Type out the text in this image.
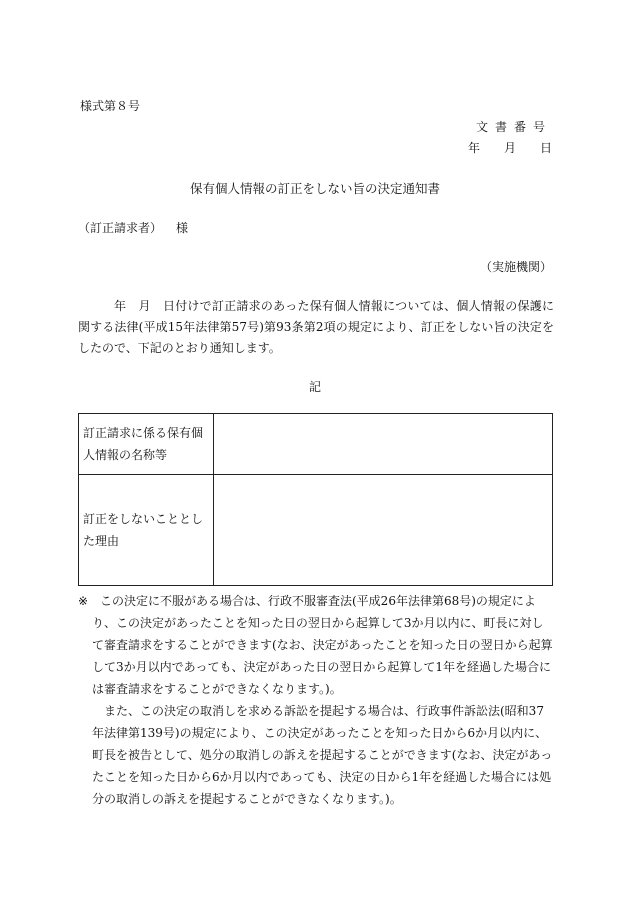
様式第８号
文書番号
年 月 日
保有個人情報の訂正をしない旨の決定通知書
（訂正請求者） 様
（実施機関）
年　月　日付けで訂正請求のあった保有個人情報については、個人情報の保護に関する法律(平成15年法律第57号)第93条第2項の規定により、訂正をしない旨の決定をしたので、下記のとおり通知します。
記
訂正請求に係る保有個人情報の名称等	
訂正をしないこととした理由	
※ この決定に不服がある場合は、行政不服審査法(平成26年法律第68号)の規定により、この決定があったことを知った日の翌日から起算して3か月以内に、町長に対して審査請求をすることができます(なお、決定があったことを知った日の翌日から起算して3か月以内であっても、決定があった日の翌日から起算して1年を経過した場合には審査請求をすることができなくなります。)。

また、この決定の取消しを求める訴訟を提起する場合は、行政事件訴訟法(昭和37年法律第139号)の規定により、この決定があったことを知った日から6か月以内に、町長を被告として、処分の取消しの訴えを提起することができます(なお、決定があったことを知った日から6か月以内であっても、決定の日から1年を経過した場合には処分の取消しの訴えを提起することができなくなります。)。
